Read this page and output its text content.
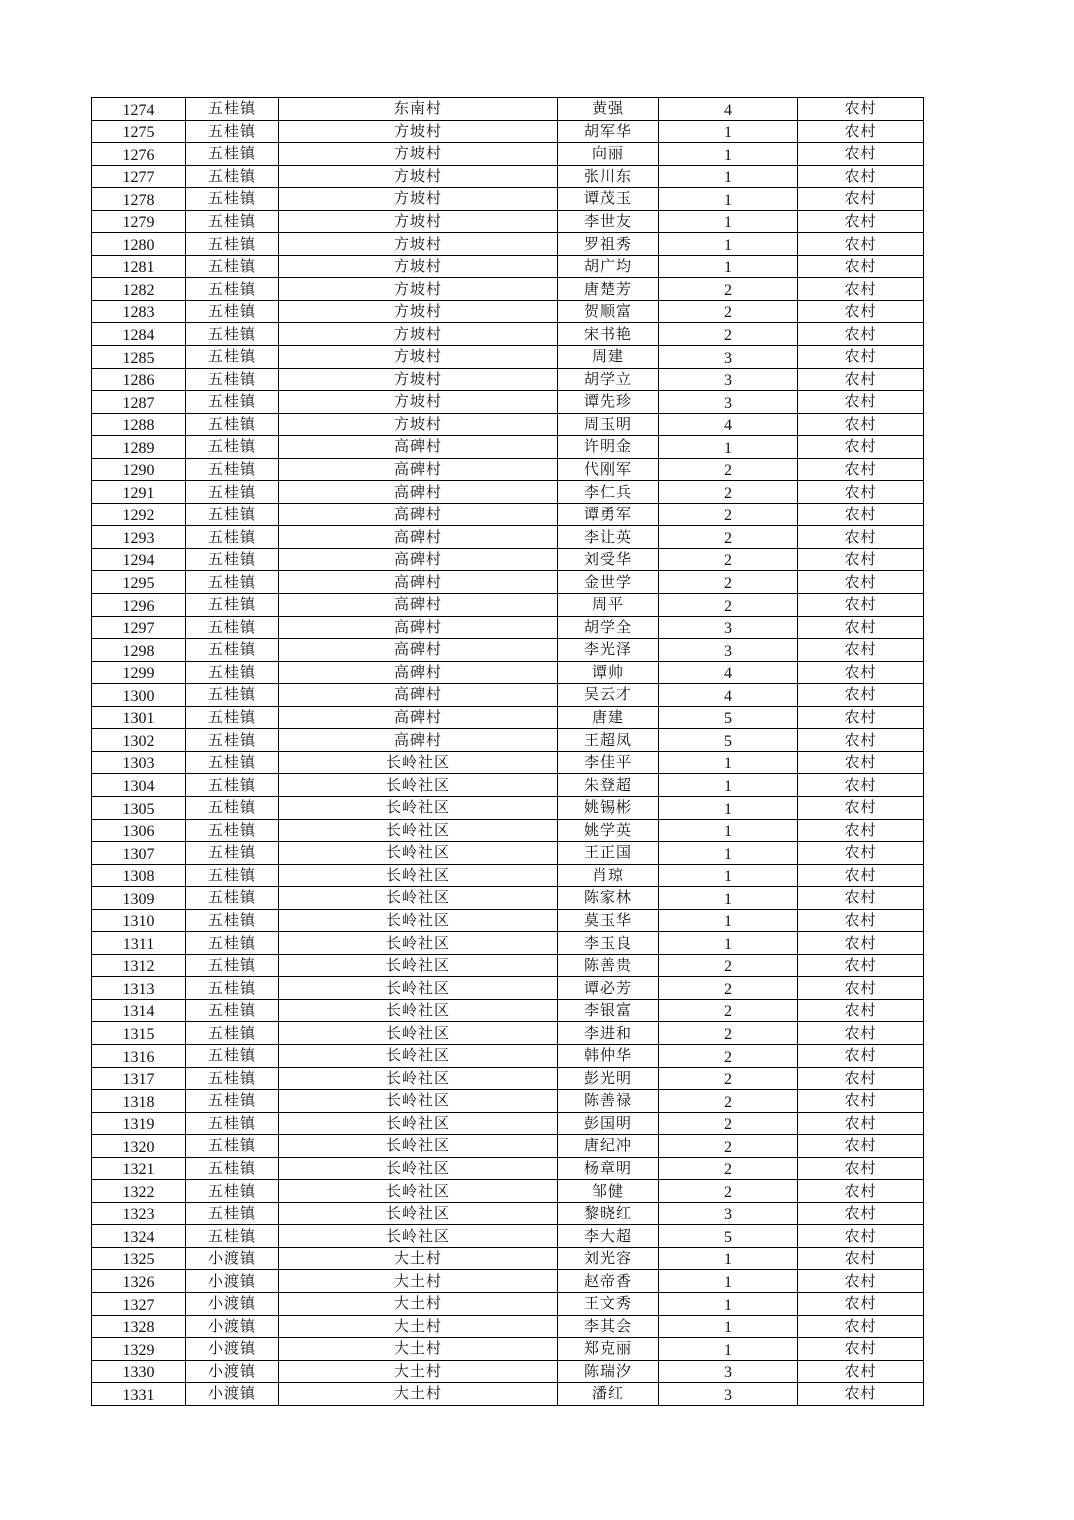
1274	五桂镇	东南村	黄强	4	农村
1275	五桂镇	方坡村	胡军华	1	农村
1276	五桂镇	方坡村	向丽	1	农村
1277	五桂镇	方坡村	张川东	1	农村
1278	五桂镇	方坡村	谭茂玉	1	农村
1279	五桂镇	方坡村	李世友	1	农村
1280	五桂镇	方坡村	罗祖秀	1	农村
1281	五桂镇	方坡村	胡广均	1	农村
1282	五桂镇	方坡村	唐楚芳	2	农村
1283	五桂镇	方坡村	贺顺富	2	农村
1284	五桂镇	方坡村	宋书艳	2	农村
1285	五桂镇	方坡村	周建	3	农村
1286	五桂镇	方坡村	胡学立	3	农村
1287	五桂镇	方坡村	谭先珍	3	农村
1288	五桂镇	方坡村	周玉明	4	农村
1289	五桂镇	高碑村	许明金	1	农村
1290	五桂镇	高碑村	代刚军	2	农村
1291	五桂镇	高碑村	李仁兵	2	农村
1292	五桂镇	高碑村	谭勇军	2	农村
1293	五桂镇	高碑村	李让英	2	农村
1294	五桂镇	高碑村	刘受华	2	农村
1295	五桂镇	高碑村	金世学	2	农村
1296	五桂镇	高碑村	周平	2	农村
1297	五桂镇	高碑村	胡学全	3	农村
1298	五桂镇	高碑村	李光泽	3	农村
1299	五桂镇	高碑村	谭帅	4	农村
1300	五桂镇	高碑村	吴云才	4	农村
1301	五桂镇	高碑村	唐建	5	农村
1302	五桂镇	高碑村	王超凤	5	农村
1303	五桂镇	长岭社区	李佳平	1	农村
1304	五桂镇	长岭社区	朱登超	1	农村
1305	五桂镇	长岭社区	姚锡彬	1	农村
1306	五桂镇	长岭社区	姚学英	1	农村
1307	五桂镇	长岭社区	王正国	1	农村
1308	五桂镇	长岭社区	肖琼	1	农村
1309	五桂镇	长岭社区	陈家林	1	农村
1310	五桂镇	长岭社区	莫玉华	1	农村
1311	五桂镇	长岭社区	李玉良	1	农村
1312	五桂镇	长岭社区	陈善贵	2	农村
1313	五桂镇	长岭社区	谭必芳	2	农村
1314	五桂镇	长岭社区	李银富	2	农村
1315	五桂镇	长岭社区	李进和	2	农村
1316	五桂镇	长岭社区	韩仲华	2	农村
1317	五桂镇	长岭社区	彭光明	2	农村
1318	五桂镇	长岭社区	陈善禄	2	农村
1319	五桂镇	长岭社区	彭国明	2	农村
1320	五桂镇	长岭社区	唐纪冲	2	农村
1321	五桂镇	长岭社区	杨章明	2	农村
1322	五桂镇	长岭社区	邹健	2	农村
1323	五桂镇	长岭社区	黎晓红	3	农村
1324	五桂镇	长岭社区	李大超	5	农村
1325	小渡镇	大土村	刘光容	1	农村
1326	小渡镇	大土村	赵帝香	1	农村
1327	小渡镇	大土村	王文秀	1	农村
1328	小渡镇	大土村	李其会	1	农村
1329	小渡镇	大土村	郑克丽	1	农村
1330	小渡镇	大土村	陈瑞汐	3	农村
1331	小渡镇	大土村	潘红	3	农村
